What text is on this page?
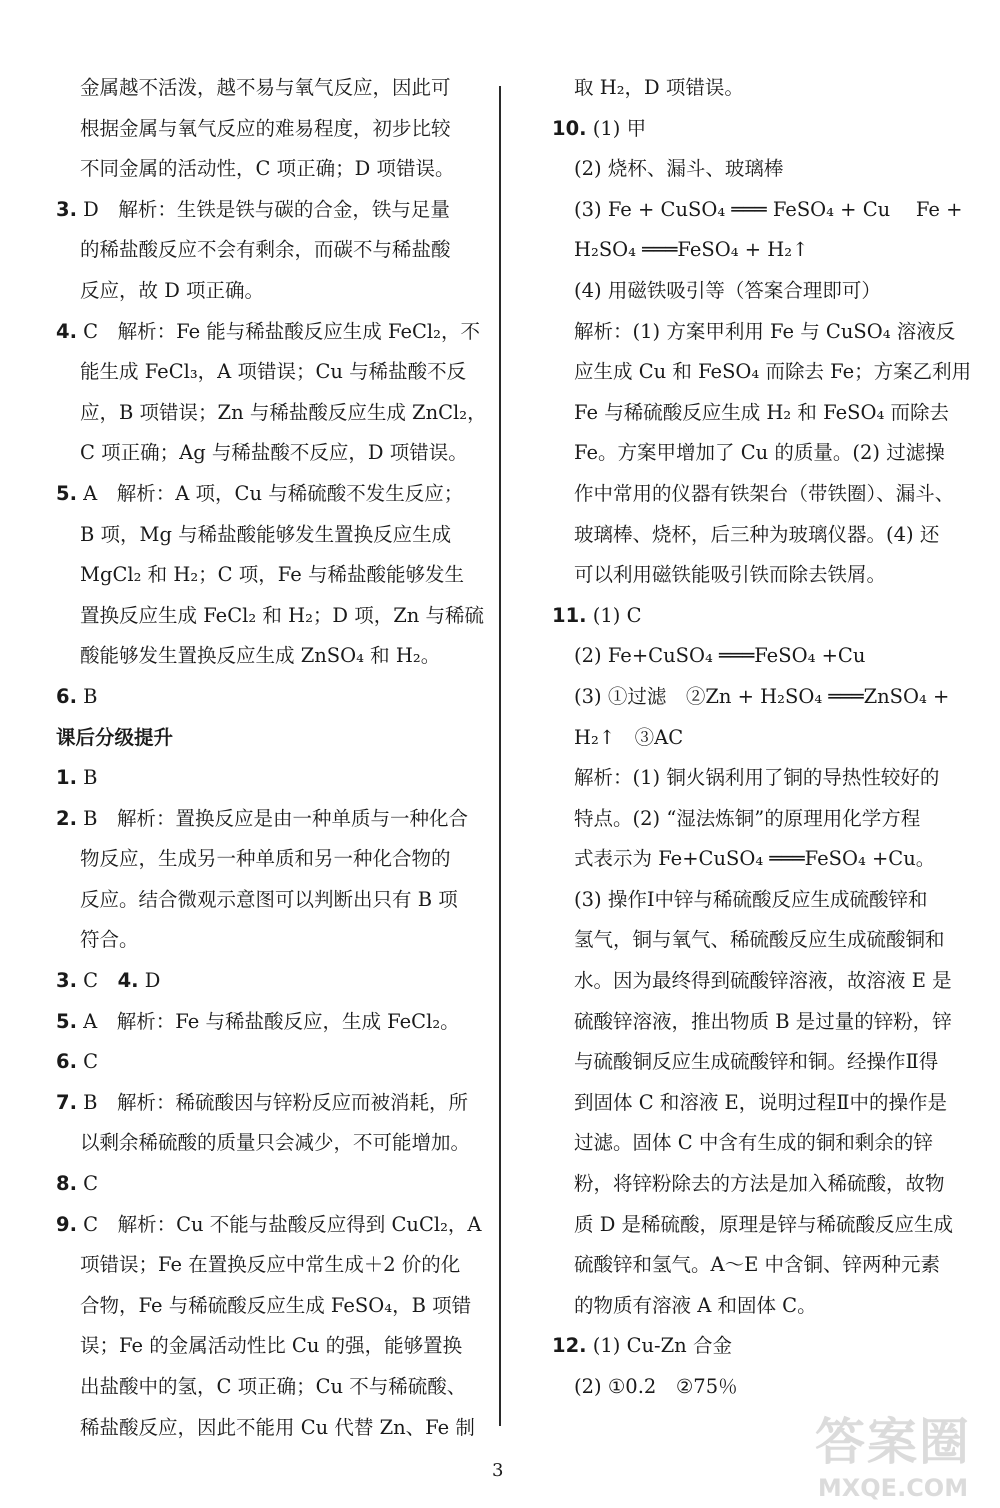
金属越不活泼，越不易与氧气反应，因此可
根据金属与氧气反应的难易程度，初步比较
不同金属的活动性，C 项正确；D 项错误。
3. D　解析：生铁是铁与碳的合金，铁与足量
的稀盐酸反应不会有剩余，而碳不与稀盐酸
反应，故 D 项正确。
4. C　解析：Fe 能与稀盐酸反应生成 FeCl₂，不
能生成 FeCl₃，A 项错误；Cu 与稀盐酸不反
应，B 项错误；Zn 与稀盐酸反应生成 ZnCl₂，
C 项正确；Ag 与稀盐酸不反应，D 项错误。
5. A　解析：A 项，Cu 与稀硫酸不发生反应；
B 项，Mg 与稀盐酸能够发生置换反应生成
MgCl₂ 和 H₂；C 项，Fe 与稀盐酸能够发生
置换反应生成 FeCl₂ 和 H₂；D 项，Zn 与稀硫
酸能够发生置换反应生成 ZnSO₄ 和 H₂。
6. B
课后分级提升
1. B
2. B　解析：置换反应是由一种单质与一种化合
物反应，生成另一种单质和另一种化合物的
反应。结合微观示意图可以判断出只有 B 项
符合。
3. C　4. D
5. A　解析：Fe 与稀盐酸反应，生成 FeCl₂。
6. C
7. B　解析：稀硫酸因与锌粉反应而被消耗，所
以剩余稀硫酸的质量只会减少，不可能增加。
8. C
9. C　解析：Cu 不能与盐酸反应得到 CuCl₂，A
项错误；Fe 在置换反应中常生成＋2 价的化
合物，Fe 与稀硫酸反应生成 FeSO₄，B 项错
误；Fe 的金属活动性比 Cu 的强，能够置换
出盐酸中的氢，C 项正确；Cu 不与稀硫酸、
稀盐酸反应，因此不能用 Cu 代替 Zn、Fe 制
取 H₂，D 项错误。
10. (1) 甲
(2) 烧杯、漏斗、玻璃棒
(3) Fe + CuSO₄ ═══ FeSO₄ + Cu　 Fe +
H₂SO₄ ═══FeSO₄ + H₂↑
(4) 用磁铁吸引等（答案合理即可）
解析：(1) 方案甲利用 Fe 与 CuSO₄ 溶液反
应生成 Cu 和 FeSO₄ 而除去 Fe；方案乙利用
Fe 与稀硫酸反应生成 H₂ 和 FeSO₄ 而除去
Fe。方案甲增加了 Cu 的质量。(2) 过滤操
作中常用的仪器有铁架台（带铁圈）、漏斗、
玻璃棒、烧杯，后三种为玻璃仪器。(4) 还
可以利用磁铁能吸引铁而除去铁屑。
11. (1) C
(2) Fe+CuSO₄ ═══FeSO₄ +Cu
(3) ①过滤　②Zn + H₂SO₄ ═══ZnSO₄ +
H₂↑　③AC
解析：(1) 铜火锅利用了铜的导热性较好的
特点。(2) “湿法炼铜”的原理用化学方程
式表示为 Fe+CuSO₄ ═══FeSO₄ +Cu。
(3) 操作Ⅰ中锌与稀硫酸反应生成硫酸锌和
氢气，铜与氧气、稀硫酸反应生成硫酸铜和
水。因为最终得到硫酸锌溶液，故溶液 E 是
硫酸锌溶液，推出物质 B 是过量的锌粉，锌
与硫酸铜反应生成硫酸锌和铜。经操作Ⅱ得
到固体 C 和溶液 E，说明过程Ⅱ中的操作是
过滤。固体 C 中含有生成的铜和剩余的锌
粉，将锌粉除去的方法是加入稀硫酸，故物
质 D 是稀硫酸，原理是锌与稀硫酸反应生成
硫酸锌和氢气。A～E 中含铜、锌两种元素
的物质有溶液 A 和固体 C。
12. (1) Cu-Zn 合金
(2) ①0.2　②75％
3	答案圈
MXQE.COM
